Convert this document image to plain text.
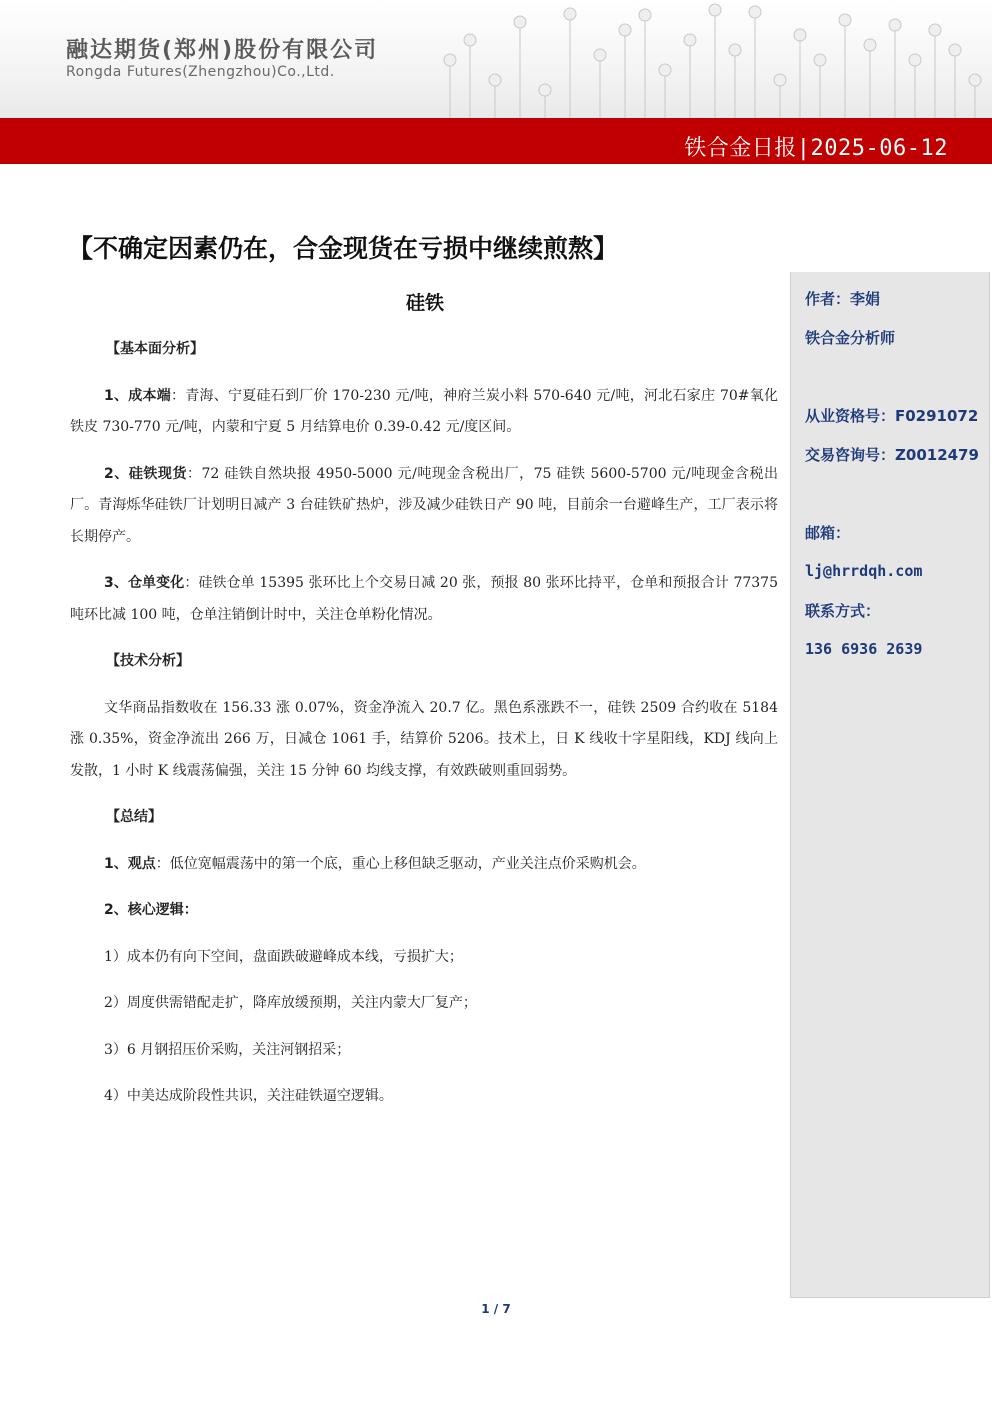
融达期货(郑州)股份有限公司
Rongda Futures(Zhengzhou)Co.,Ltd.
铁合金日报|2025-06-12
【不确定因素仍在，合金现货在亏损中继续煎熬】
硅铁

【基本面分析】

1、成本端：青海、宁夏硅石到厂价 170-230 元/吨，神府兰炭小料 570-640 元/吨，河北石家庄 70#氧化铁皮 730-770 元/吨，内蒙和宁夏 5 月结算电价 0.39-0.42 元/度区间。

2、硅铁现货：72 硅铁自然块报 4950-5000 元/吨现金含税出厂，75 硅铁 5600-5700 元/吨现金含税出厂。青海烁华硅铁厂计划明日减产 3 台硅铁矿热炉，涉及减少硅铁日产 90 吨，目前余一台避峰生产，工厂表示将长期停产。

3、仓单变化：硅铁仓单 15395 张环比上个交易日减 20 张，预报 80 张环比持平，仓单和预报合计 77375 吨环比减 100 吨，仓单注销倒计时中，关注仓单粉化情况。

【技术分析】

文华商品指数收在 156.33 涨 0.07%，资金净流入 20.7 亿。黑色系涨跌不一，硅铁 2509 合约收在 5184 涨 0.35%，资金净流出 266 万，日减仓 1061 手，结算价 5206。技术上，日 K 线收十字星阳线，KDJ 线向上发散，1 小时 K 线震荡偏强，关注 15 分钟 60 均线支撑，有效跌破则重回弱势。

【总结】

1、观点：低位宽幅震荡中的第一个底，重心上移但缺乏驱动，产业关注点价采购机会。

2、核心逻辑：

1）成本仍有向下空间，盘面跌破避峰成本线，亏损扩大；

2）周度供需错配走扩，降库放缓预期，关注内蒙大厂复产；

3）6 月钢招压价采购，关注河钢招采；

4）中美达成阶段性共识，关注硅铁逼空逻辑。

作者：李娟
铁合金分析师
从业资格号：F0291072
交易咨询号：Z0012479
邮箱：
lj@hrrdqh.com
联系方式：
136 6936 2639
1 / 7
